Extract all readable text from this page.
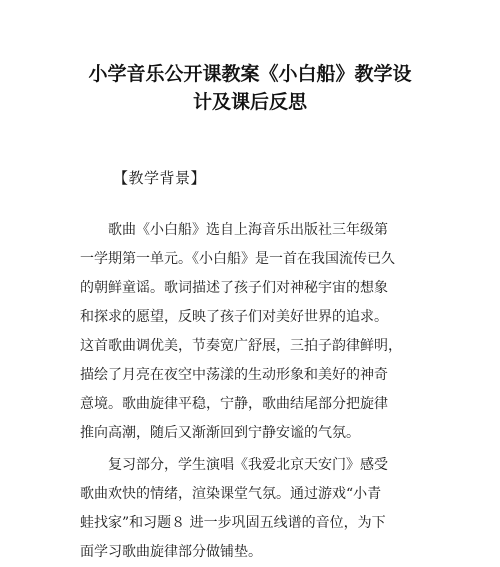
小学音乐公开课教案《小白船》教学设
计及课后反思

【教学背景】

　　歌曲《小白船》选自上海音乐出版社三年级第
一学期第一单元。《小白船》是一首在我国流传已久
的朝鲜童谣。歌词描述了孩子们对神秘宇宙的想象
和探求的愿望，反映了孩子们对美好世界的追求。
这首歌曲调优美，节奏宽广舒展，三拍子韵律鲜明，
描绘了月亮在夜空中荡漾的生动形象和美好的神奇
意境。歌曲旋律平稳，宁静，歌曲结尾部分把旋律
推向高潮，随后又渐渐回到宁静安谧的气氛。
　　复习部分，学生演唱《我爱北京天安门》感受
歌曲欢快的情绪，渲染课堂气氛。通过游戏“小青
蛙找家”和习题８ 进一步巩固五线谱的音位，为下
面学习歌曲旋律部分做铺垫。
